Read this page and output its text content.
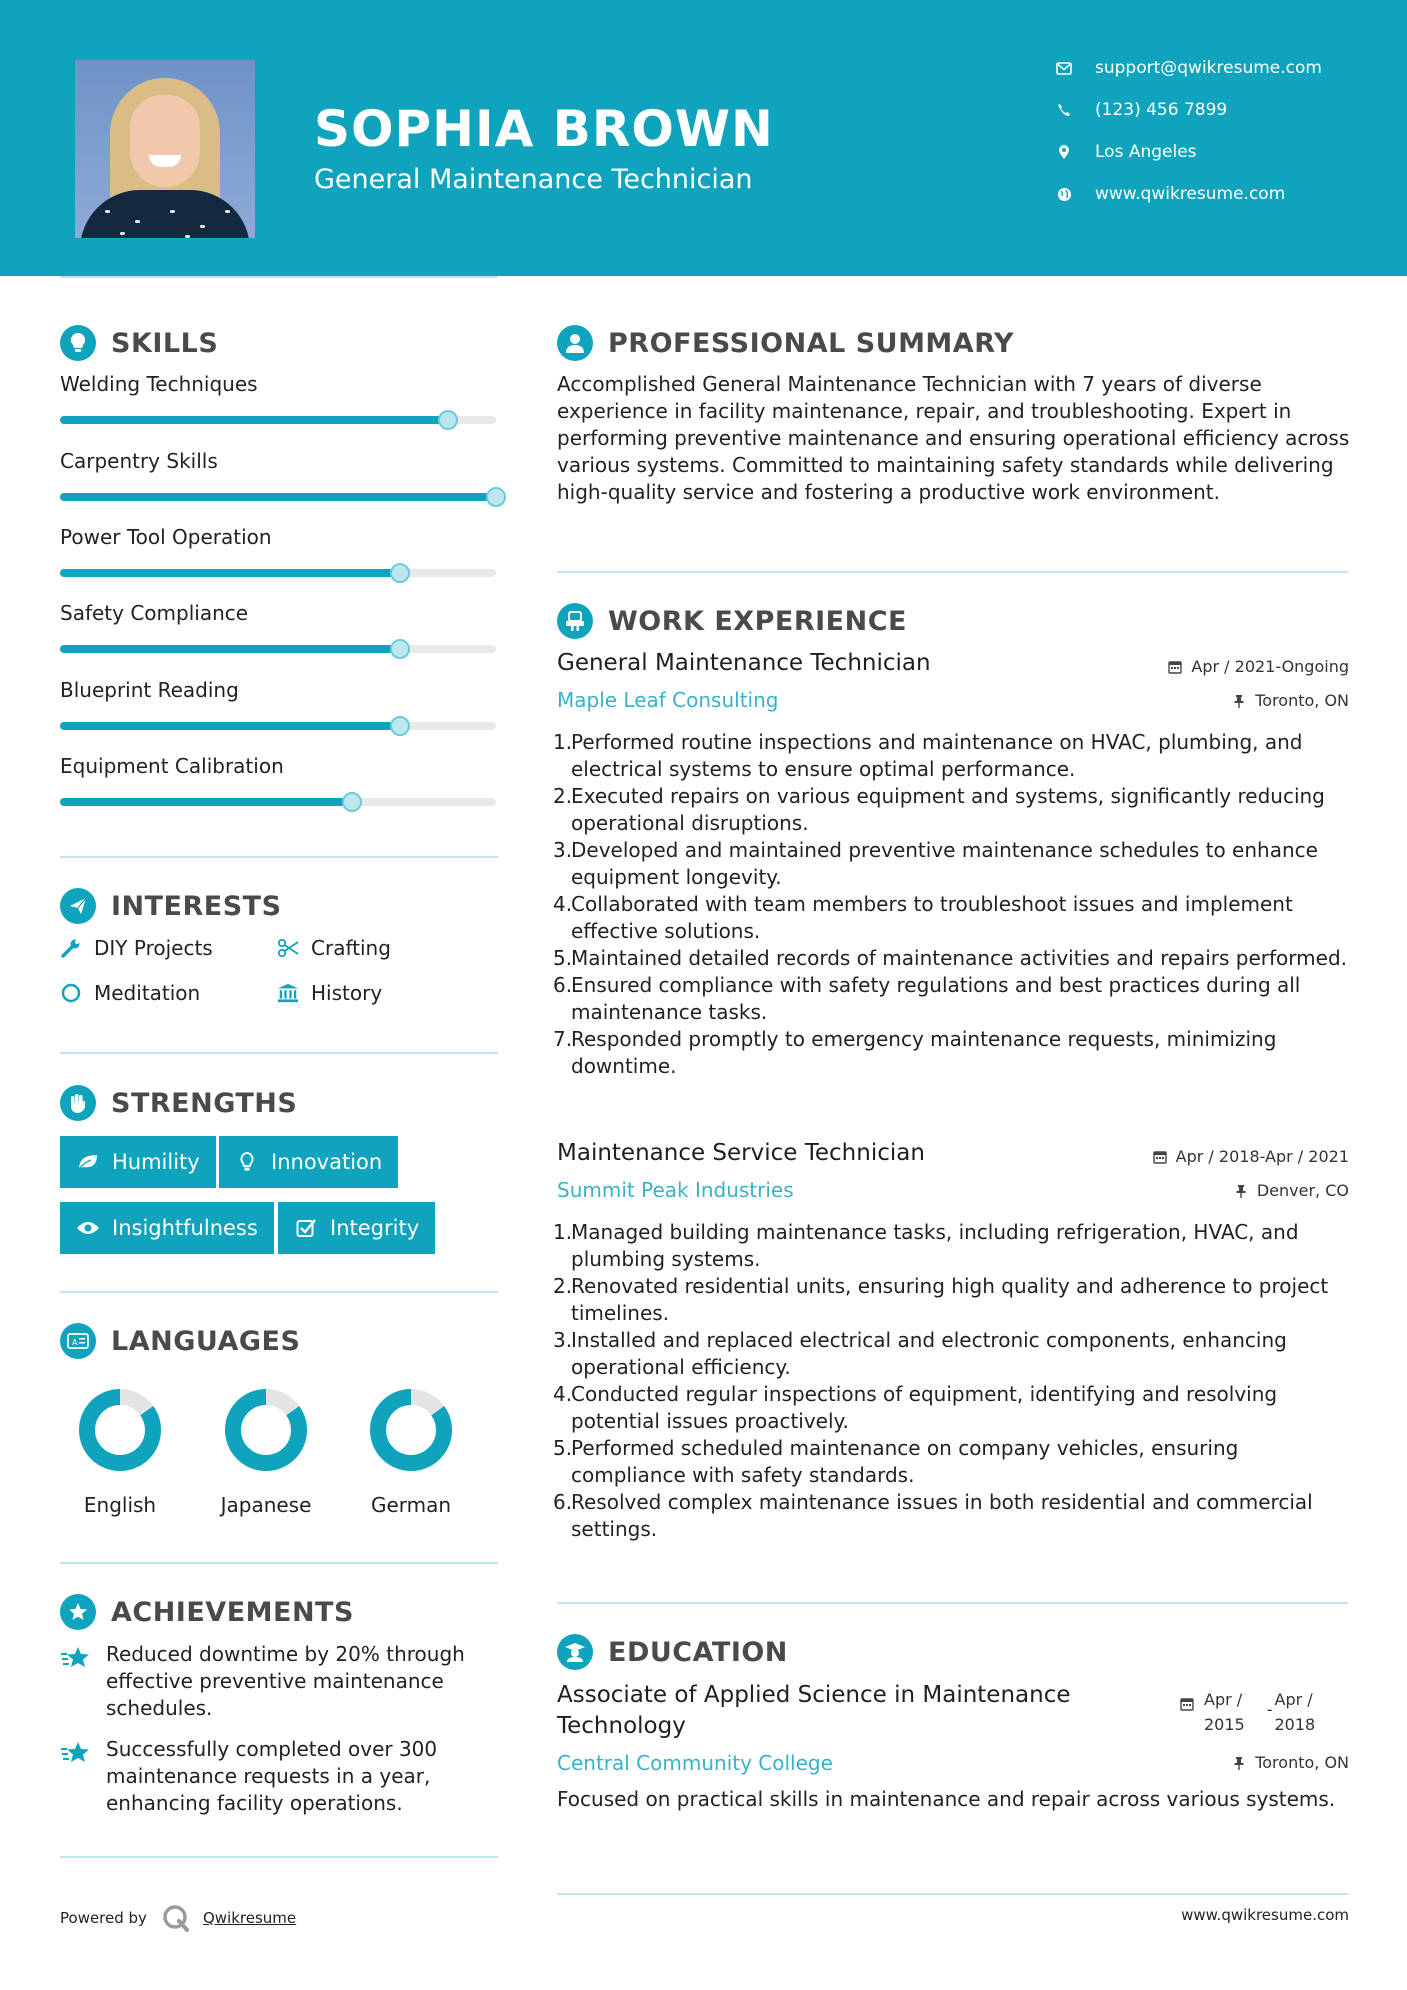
SOPHIA BROWN
General Maintenance Technician
support@qwikresume.com
(123) 456 7899
Los Angeles
www.qwikresume.com
SKILLS
Welding Techniques
Carpentry Skills
Power Tool Operation
Safety Compliance
Blueprint Reading
Equipment Calibration
INTERESTS
DIY Projects	Crafting
Meditation	History
STRENGTHS
Humility	Innovation
Insightfulness	Integrity
A LANGUAGES
English	Japanese	German
ACHIEVEMENTS
Reduced downtime by 20% through effective preventive maintenance schedules.
Successfully completed over 300 maintenance requests in a year, enhancing facility operations.
PROFESSIONAL SUMMARY
Accomplished General Maintenance Technician with 7 years of diverse experience in facility maintenance, repair, and troubleshooting. Expert in performing preventive maintenance and ensuring operational efficiency across various systems. Committed to maintaining safety standards while delivering high-quality service and fostering a productive work environment.
WORK EXPERIENCE
General Maintenance Technician	Apr / 2021-Ongoing
Maple Leaf Consulting	Toronto, ON
1.
Performed routine inspections and maintenance on HVAC, plumbing, and electrical systems to ensure optimal performance.
2.
Executed repairs on various equipment and systems, significantly reducing operational disruptions.
3.
Developed and maintained preventive maintenance schedules to enhance equipment longevity.
4.
Collaborated with team members to troubleshoot issues and implement effective solutions.
5.
Maintained detailed records of maintenance activities and repairs performed.
6.
Ensured compliance with safety regulations and best practices during all maintenance tasks.
7.
Responded promptly to emergency maintenance requests, minimizing downtime.
Maintenance Service Technician	Apr / 2018-Apr / 2021
Summit Peak Industries	Denver, CO
1.
Managed building maintenance tasks, including refrigeration, HVAC, and plumbing systems.
2.
Renovated residential units, ensuring high quality and adherence to project timelines.
3.
Installed and replaced electrical and electronic components, enhancing operational efficiency.
4.
Conducted regular inspections of equipment, identifying and resolving potential issues proactively.
5.
Performed scheduled maintenance on company vehicles, ensuring compliance with safety standards.
6.
Resolved complex maintenance issues in both residential and commercial settings.
EDUCATION
Associate of Applied Science in Maintenance Technology
Apr /
2015
-
Apr /
2018
Central Community College	Toronto, ON
Focused on practical skills in maintenance and repair across various systems.
Powered by	Qwikresume	www.qwikresume.com
